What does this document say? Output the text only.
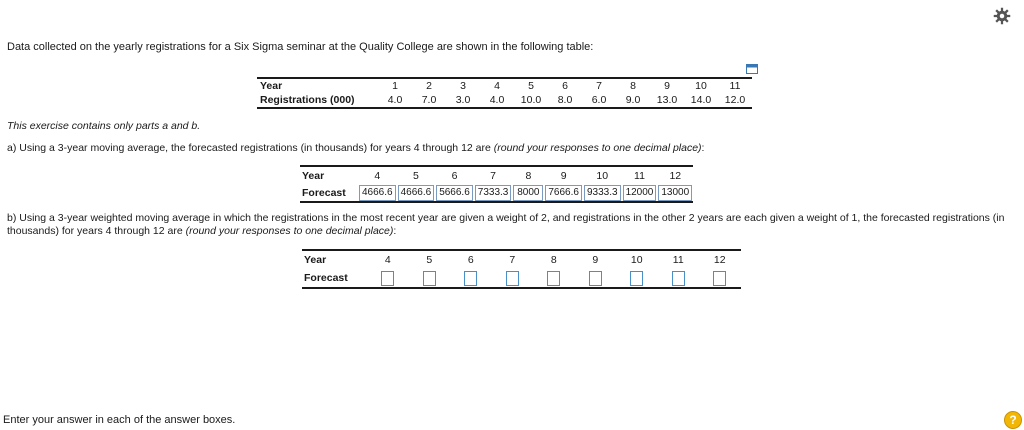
Data collected on the yearly registrations for a Six Sigma seminar at the Quality College are shown in the following table:
Year	1	2	3	4	5	6	7	8	9	10	11
Registrations (000)	4.0	7.0	3.0	4.0	10.0	8.0	6.0	9.0	13.0	14.0	12.0
This exercise contains only parts a and b.
a) Using a 3-year moving average, the forecasted registrations (in thousands) for years 4 through 12 are (round your responses to one decimal place):
Year	4	5	6	7	8	9	10	11	12
Forecast	4666.6	4666.6	5666.6	7333.3	8000	7666.6	9333.3	12000	13000
b) Using a 3-year weighted moving average in which the registrations in the most recent year are given a weight of 2, and registrations in the other 2 years are each given a weight of 1, the forecasted registrations (in thousands) for years 4 through 12 are (round your responses to one decimal place):
Year	4	5	6	7	8	9	10	11	12
Forecast									
Enter your answer in each of the answer boxes.	?
